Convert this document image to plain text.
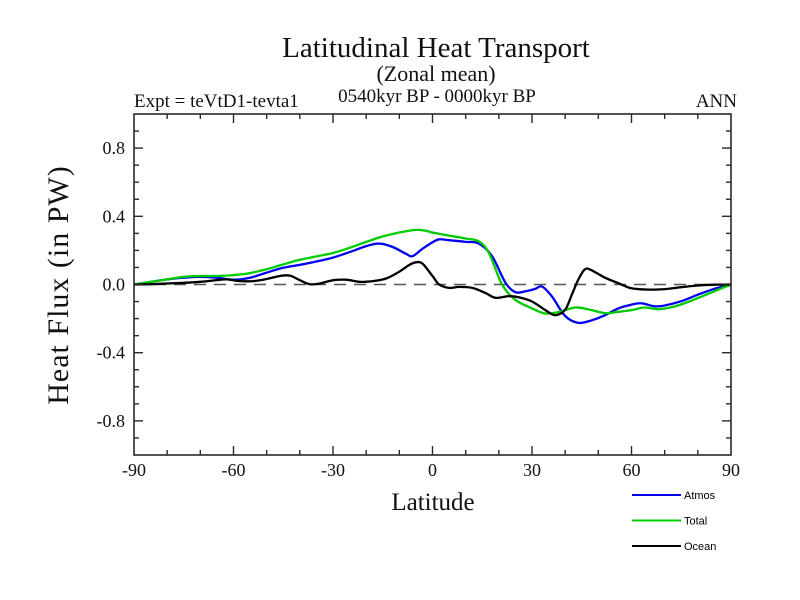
Latitudinal Heat Transport
(Zonal mean)
0540kyr BP - 0000kyr BP
Expt = teVtD1-tevta1	ANN
Latitude
Heat Flux (in PW)
-90	-60	-30	0	30	60	90
-0.8
-0.4
0.0
0.4
0.8
Atmos
Total
Ocean
